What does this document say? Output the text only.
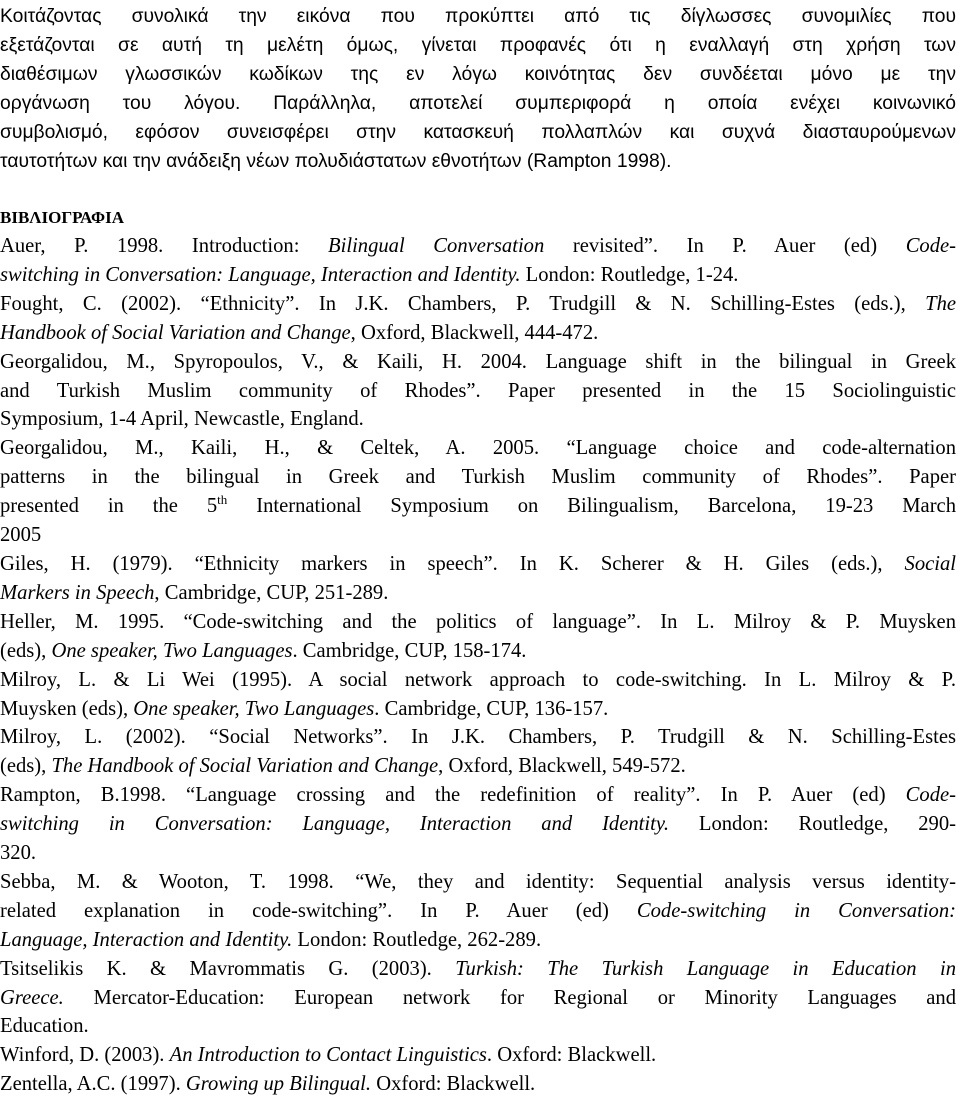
Κοιτάζοντας συνολικά την εικόνα που προκύπτει από τις δίγλωσσες συνομιλίες που
εξετάζονται σε αυτή τη μελέτη όμως, γίνεται προφανές ότι η εναλλαγή στη χρήση των
διαθέσιμων γλωσσικών κωδίκων της εν λόγω κοινότητας δεν συνδέεται μόνο με την
οργάνωση του λόγου. Παράλληλα, αποτελεί συμπεριφορά η οποία ενέχει κοινωνικό
συμβολισμό, εφόσον συνεισφέρει στην κατασκευή πολλαπλών και συχνά διασταυρούμενων
ταυτοτήτων και την ανάδειξη νέων πολυδιάστατων εθνοτήτων (Rampton 1998).
ΒΙΒΛΙΟΓΡΑΦΙΑ
Auer, P. 1998. Introduction: Bilingual Conversation revisited”. In P. Auer (ed) Code-
switching in Conversation: Language, Interaction and Identity. London: Routledge, 1-24.
Fought, C. (2002). “Ethnicity”. In J.K. Chambers, P. Trudgill & N. Schilling-Estes (eds.), The
Handbook of Social Variation and Change, Oxford, Blackwell, 444-472.
Georgalidou, M., Spyropoulos, V., & Kaili, H. 2004. Language shift in the bilingual in Greek
and Turkish Muslim community of Rhodes”. Paper presented in the 15 Sociolinguistic
Symposium, 1-4 April, Newcastle, England.
Georgalidou, M., Kaili, H., & Celtek, A. 2005. “Language choice and code-alternation
patterns in the bilingual in Greek and Turkish Muslim community of Rhodes”. Paper
presented in the 5th International Symposium on Bilingualism, Barcelona, 19-23 March
2005
Giles, H. (1979). “Ethnicity markers in speech”. In K. Scherer & H. Giles (eds.), Social
Markers in Speech, Cambridge, CUP, 251-289.
Heller, M. 1995. “Code-switching and the politics of language”. In L. Milroy & P. Muysken
(eds), One speaker, Two Languages. Cambridge, CUP, 158-174.
Milroy, L. & Li Wei (1995). A social network approach to code-switching. In L. Milroy & P.
Muysken (eds), One speaker, Two Languages. Cambridge, CUP, 136-157.
Milroy, L. (2002). “Social Networks”. In J.K. Chambers, P. Trudgill & N. Schilling-Estes
(eds), The Handbook of Social Variation and Change, Oxford, Blackwell, 549-572.
Rampton, B.1998. “Language crossing and the redefinition of reality”. In P. Auer (ed) Code-
switching in Conversation: Language, Interaction and Identity. London: Routledge, 290-
320.
Sebba, M. & Wooton, T. 1998. “We, they and identity: Sequential analysis versus identity-
related explanation in code-switching”. In P. Auer (ed) Code-switching in Conversation:
Language, Interaction and Identity. London: Routledge, 262-289.
Tsitselikis K. & Mavrommatis G. (2003). Turkish: The Turkish Language in Education in
Greece. Mercator-Education: European network for Regional or Minority Languages and
Education.
Winford, D. (2003). An Introduction to Contact Linguistics. Oxford: Blackwell.
Zentella, A.C. (1997). Growing up Bilingual. Oxford: Blackwell.
